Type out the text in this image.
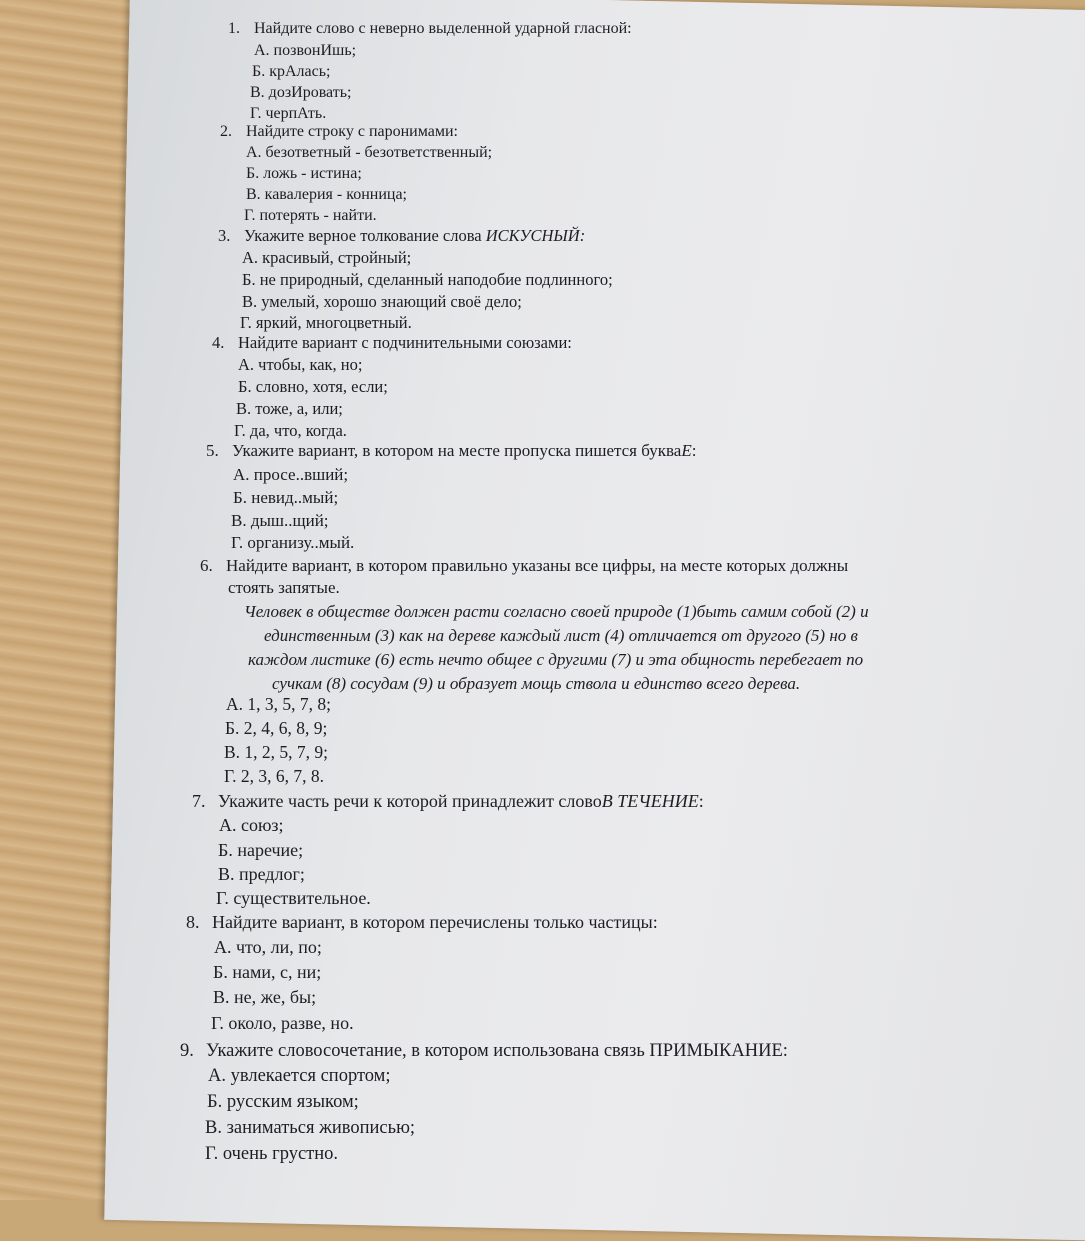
1. Найдите слово с неверно выделенной ударной гласной:
А. позвонИшь;
Б. крАлась;
В. дозИровать;
Г. черпАть.
2. Найдите строку с паронимами:
А. безответный - безответственный;
Б. ложь - истина;
В. кавалерия - конница;
Г. потерять - найти.
3. Укажите верное толкование слова ИСКУСНЫЙ:
А. красивый, стройный;
Б. не природный, сделанный наподобие подлинного;
В. умелый, хорошо знающий своё дело;
Г. яркий, многоцветный.
4. Найдите вариант с подчинительными союзами:
А. чтобы, как, но;
Б. словно, хотя, если;
В. тоже, а, или;
Г. да, что, когда.
5. Укажите вариант, в котором на месте пропуска пишется букваЕ:
А. просе..вший;
Б. невид..мый;
В. дыш..щий;
Г. организу..мый.
6. Найдите вариант, в котором правильно указаны все цифры, на месте которых должны
стоять запятые.
Человек в обществе должен расти согласно своей природе (1)быть самим собой (2) и
единственным (3) как на дереве каждый лист (4) отличается от другого (5) но в
каждом листике (6) есть нечто общее с другими (7) и эта общность перебегает по
сучкам (8) сосудам (9) и образует мощь ствола и единство всего дерева.
А. 1, 3, 5, 7, 8;
Б. 2, 4, 6, 8, 9;
В. 1, 2, 5, 7, 9;
Г. 2, 3, 6, 7, 8.
7. Укажите часть речи к которой принадлежит словоВ ТЕЧЕНИЕ:
А. союз;
Б. наречие;
В. предлог;
Г. существительное.
8. Найдите вариант, в котором перечислены только частицы:
А. что, ли, по;
Б. нами, с, ни;
В. не, же, бы;
Г. около, разве, но.
9. Укажите словосочетание, в котором использована связь ПРИМЫКАНИЕ:
А. увлекается спортом;
Б. русским языком;
В. заниматься живописью;
Г. очень грустно.
